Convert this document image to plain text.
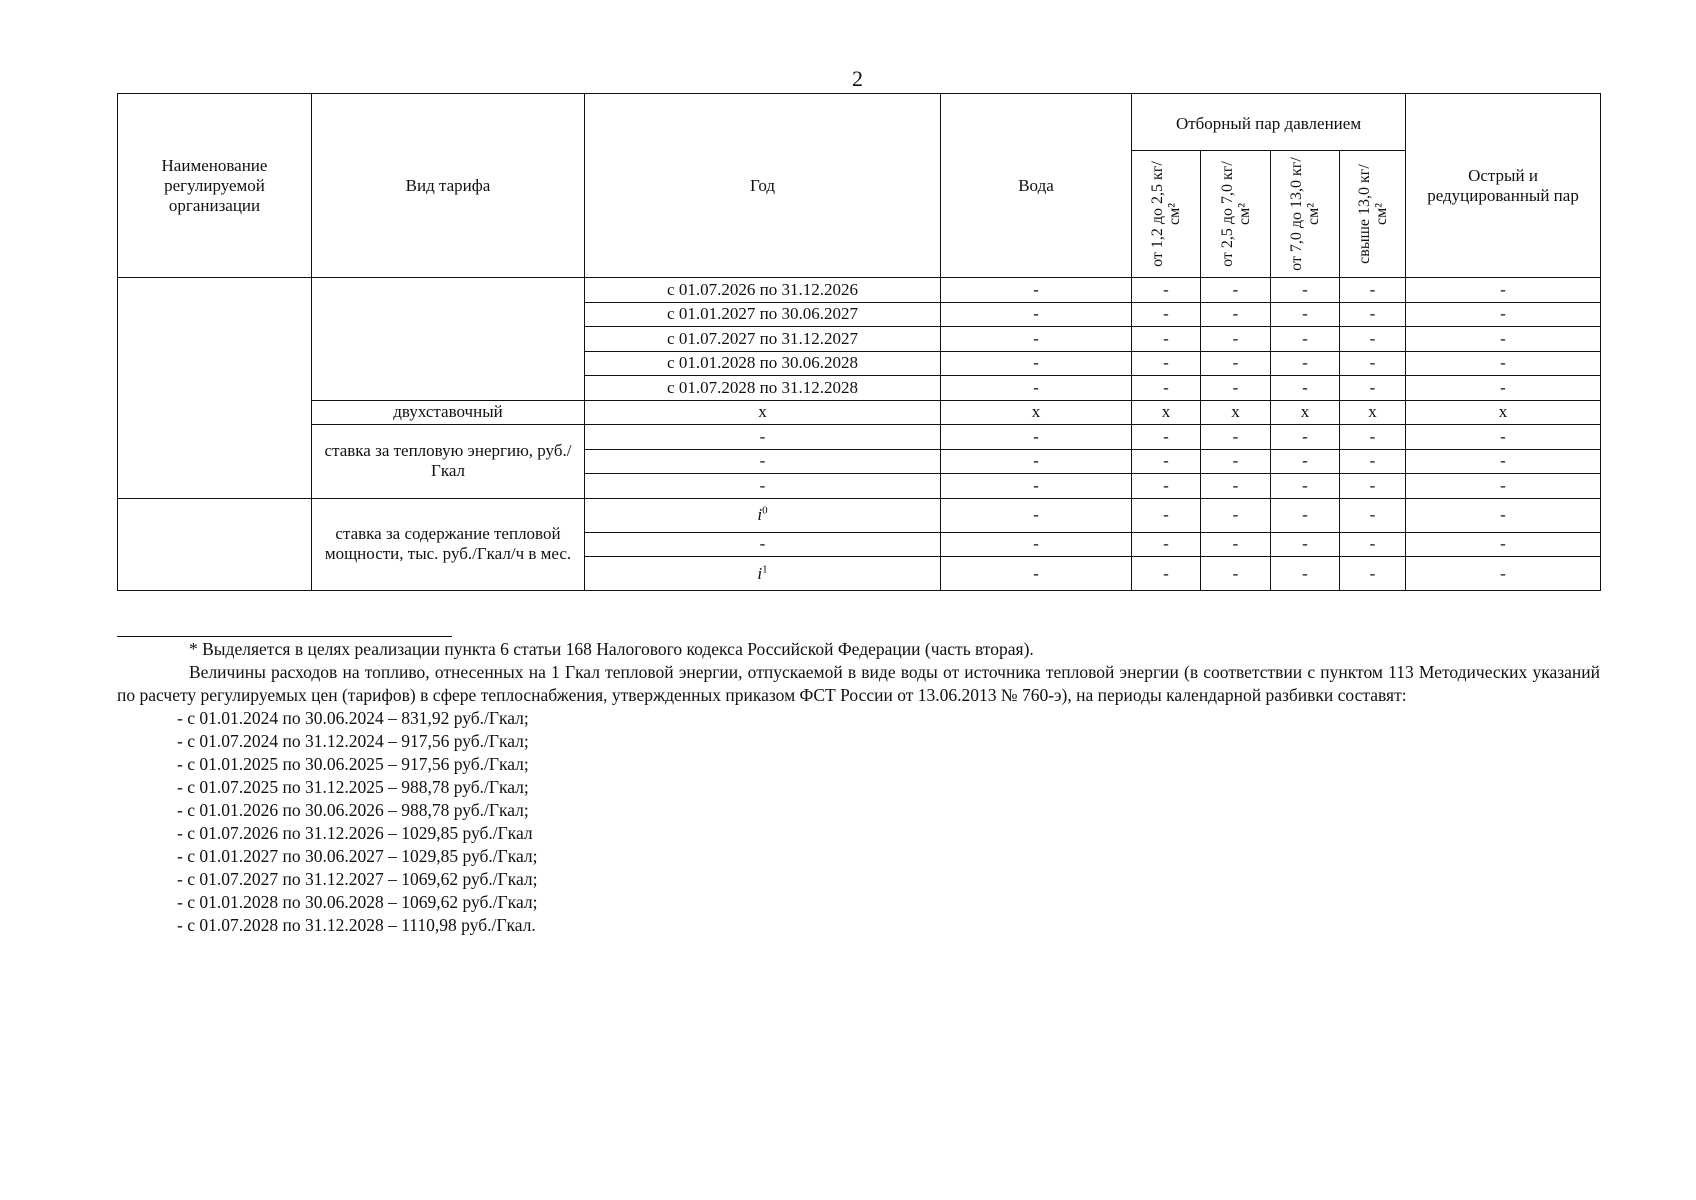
2
Наименование регулируемой организации	Вид тарифа	Год	Вода	Отборный пар давлением				Острый и редуцированный пар

				от 1,2 до 2,5 кг/см²	от 2,5 до 7,0 кг/см²	от 7,0 до 13,0 кг/см²	свыше 13,0 кг/см²	

		с 01.07.2026 по 31.12.2026	-	-	-	-	-	-
		с 01.01.2027 по 30.06.2027	-	-	-	-	-	-
		с 01.07.2027 по 31.12.2027	-	-	-	-	-	-
		с 01.01.2028 по 30.06.2028	-	-	-	-	-	-
		с 01.07.2028 по 31.12.2028	-	-	-	-	-	-
	двухставочный	х	х	х	х	х	х	х
	ставка за тепловую энергию, руб./Гкал	-	-	-	-	-	-	-
		-	-	-	-	-	-	-
		-	-	-	-	-	-	-
	ставка за содержание тепловой мощности, тыс. руб./Гкал/ч в мес.	$i^0$	-	-	-	-	-	-
		-	-	-	-	-	-	-
		$i^1$	-	-	-	-	-	-

* Выделяется в целях реализации пункта 6 статьи 168 Налогового кодекса Российской Федерации (часть вторая).

Величины расходов на топливо, отнесенных на 1 Гкал тепловой энергии, отпускаемой в виде воды от источника тепловой энергии (в соответствии с пунктом 113 Методических указаний по расчету регулируемых цен (тарифов) в сфере теплоснабжения, утвержденных приказом ФСТ России от 13.06.2013 № 760-э), на периоды календарной разбивки составят:

- с 01.01.2024 по 30.06.2024 – 831,92 руб./Гкал;
- с 01.07.2024 по 31.12.2024 – 917,56 руб./Гкал;
- с 01.01.2025 по 30.06.2025 – 917,56 руб./Гкал;
- с 01.07.2025 по 31.12.2025 – 988,78 руб./Гкал;
- с 01.01.2026 по 30.06.2026 – 988,78 руб./Гкал;
- с 01.07.2026 по 31.12.2026 – 1029,85 руб./Гкал
- с 01.01.2027 по 30.06.2027 – 1029,85 руб./Гкал;
- с 01.07.2027 по 31.12.2027 – 1069,62 руб./Гкал;
- с 01.01.2028 по 30.06.2028 – 1069,62 руб./Гкал;
- с 01.07.2028 по 31.12.2028 – 1110,98 руб./Гкал.
